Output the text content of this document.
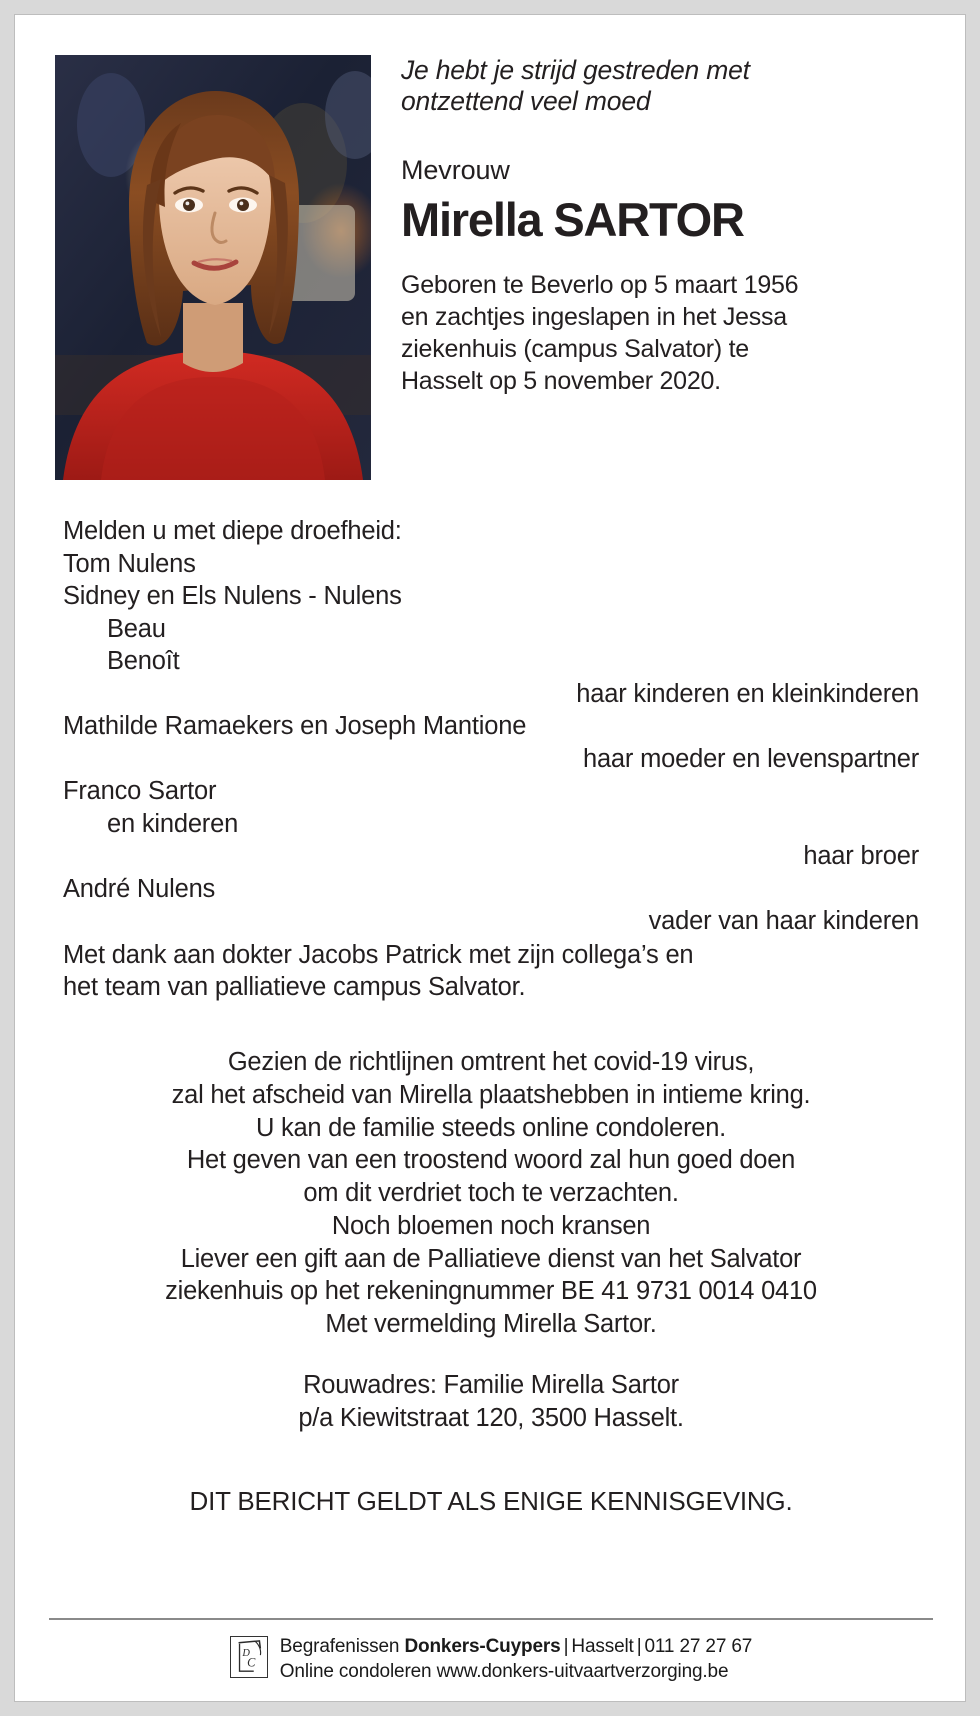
Je hebt je strijd gestreden met ontzettend veel moed
Mevrouw
Mirella SARTOR
Geboren te Beverlo op 5 maart 1956 en zachtjes ingeslapen in het Jessa ziekenhuis (campus Salvator) te Hasselt op 5 november 2020.
Melden u met diepe droefheid:
Tom Nulens
Sidney en Els Nulens - Nulens
Beau
Benoît
haar kinderen en kleinkinderen
Mathilde Ramaekers en Joseph Mantione
haar moeder en levenspartner
Franco Sartor
en kinderen
haar broer
André Nulens
vader van haar kinderen
Met dank aan dokter Jacobs Patrick met zijn collega’s en
het team van palliatieve campus Salvator.
Gezien de richtlijnen omtrent het covid-19 virus,
zal het afscheid van Mirella plaatshebben in intieme kring.
U kan de familie steeds online condoleren.
Het geven van een troostend woord zal hun goed doen
om dit verdriet toch te verzachten.
Noch bloemen noch kransen
Liever een gift aan de Palliatieve dienst van het Salvator
ziekenhuis op het rekeningnummer BE 41 9731 0014 0410
Met vermelding Mirella Sartor.
Rouwadres: Familie Mirella Sartor
p/a Kiewitstraat 120, 3500 Hasselt.
DIT BERICHT GELDT ALS ENIGE KENNISGEVING.
D
C
Begrafenissen Donkers-Cuypers | Hasselt | 011 27 27 67
Online condoleren www.donkers-uitvaartverzorging.be
